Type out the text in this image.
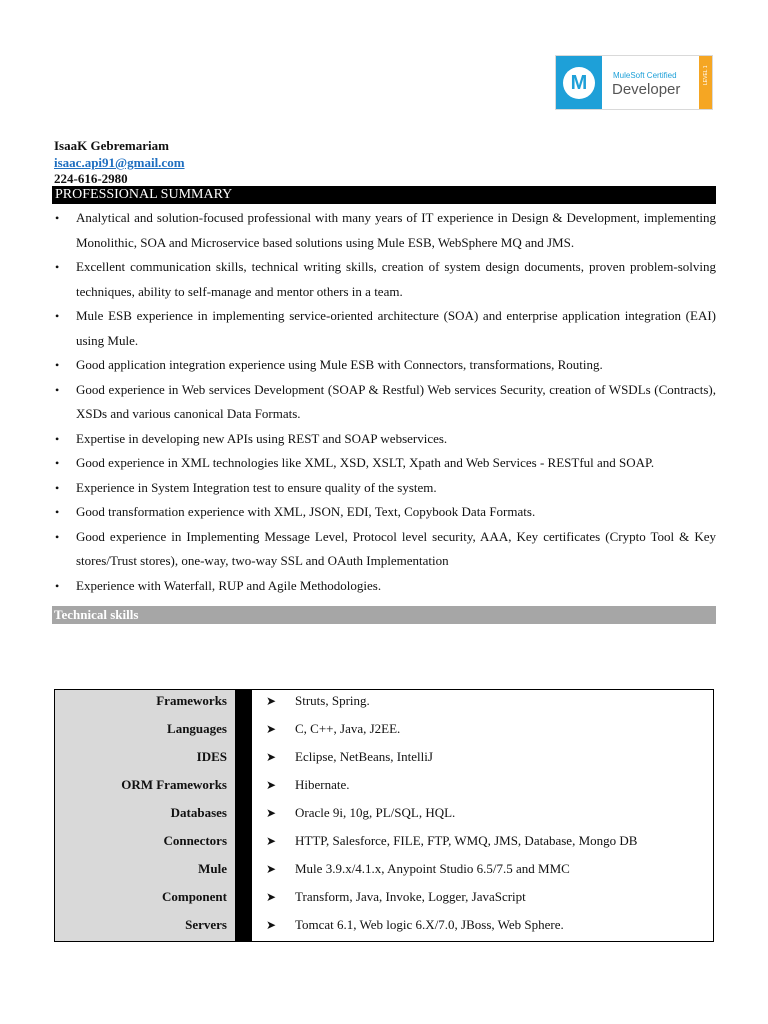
M	MuleSoft Certified
Developer
LEVEL 1
IsaaK Gebremariam
isaac.api91@gmail.com
224-616-2980
PROFESSIONAL SUMMARY
• Analytical and solution-focused professional with many years of IT experience in Design & Development, implementing Monolithic, SOA and Microservice based solutions using Mule ESB, WebSphere MQ and JMS.
• Excellent communication skills, technical writing skills, creation of system design documents, proven problem-solving techniques, ability to self-manage and mentor others in a team.
• Mule ESB experience in implementing service-oriented architecture (SOA) and enterprise application integration (EAI) using Mule.
• Good application integration experience using Mule ESB with Connectors, transformations, Routing.
• Good experience in Web services Development (SOAP & Restful) Web services Security, creation of WSDLs (Contracts), XSDs and various canonical Data Formats.
• Expertise in developing new APIs using REST and SOAP webservices.
• Good experience in XML technologies like XML, XSD, XSLT, Xpath and Web Services - RESTful and SOAP.
• Experience in System Integration test to ensure quality of the system.
• Good transformation experience with XML, JSON, EDI, Text, Copybook Data Formats.
• Good experience in Implementing Message Level, Protocol level security, AAA, Key certificates (Crypto Tool & Key stores/Trust stores), one-way, two-way SSL and OAuth Implementation
• Experience with Waterfall, RUP and Agile Methodologies.
Technical skills
Frameworks	➤ Struts, Spring.
Languages	➤ C, C++, Java, J2EE.
IDES	➤ Eclipse, NetBeans, IntelliJ
ORM Frameworks	➤ Hibernate.
Databases	➤ Oracle 9i, 10g, PL/SQL, HQL.
Connectors	➤ HTTP, Salesforce, FILE, FTP, WMQ, JMS, Database, Mongo DB
Mule	➤ Mule 3.9.x/4.1.x, Anypoint Studio 6.5/7.5 and MMC
Component	➤ Transform, Java, Invoke, Logger, JavaScript
Servers	➤ Tomcat 6.1, Web logic 6.X/7.0, JBoss, Web Sphere.
